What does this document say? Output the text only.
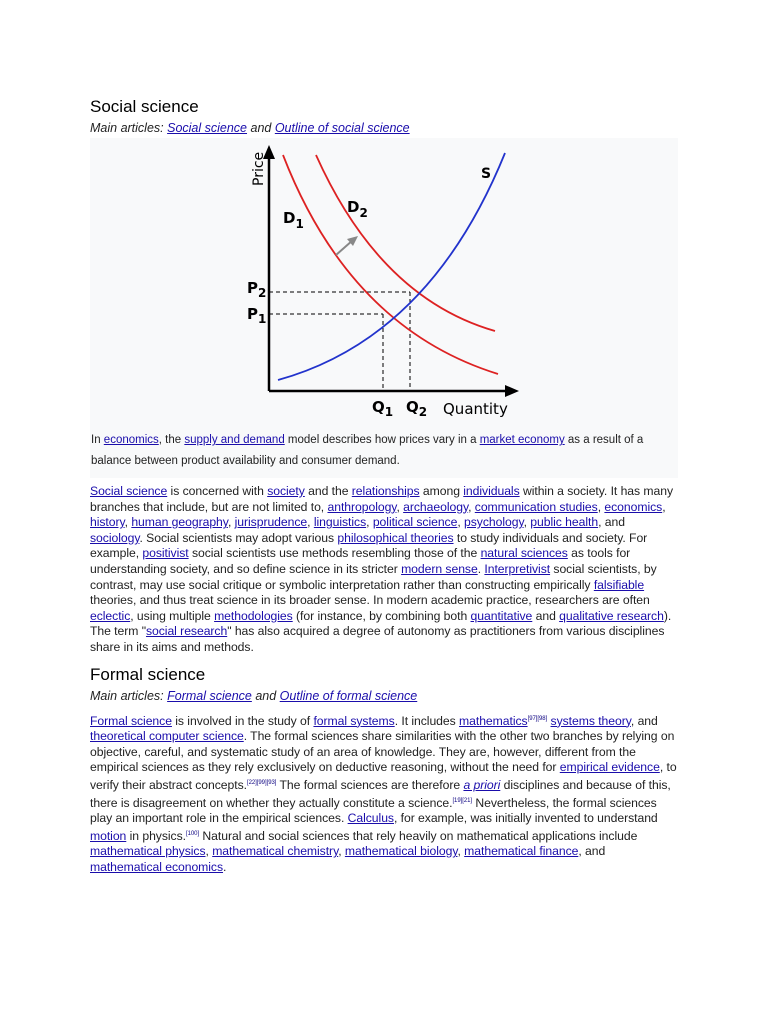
Social science
Main articles: Social science and Outline of social science
Price
Quantity
S
$D_1$
$D_2$
$P_2$
$P_1$
$Q_1$ $Q_2$
In economics, the supply and demand model describes how prices vary in a market economy as a result of a balance between product availability and consumer demand.

Social science is concerned with society and the relationships among individuals within a society. It has many branches that include, but are not limited to, anthropology, archaeology, communication studies, economics, history, human geography, jurisprudence, linguistics, political science, psychology, public health, and sociology. Social scientists may adopt various philosophical theories to study individuals and society. For example, positivist social scientists use methods resembling those of the natural sciences as tools for understanding society, and so define science in its stricter modern sense. Interpretivist social scientists, by contrast, may use social critique or symbolic interpretation rather than constructing empirically falsifiable theories, and thus treat science in its broader sense. In modern academic practice, researchers are often eclectic, using multiple methodologies (for instance, by combining both quantitative and qualitative research). The term "social research" has also acquired a degree of autonomy as practitioners from various disciplines share in its aims and methods.

Formal science
Main articles: Formal science and Outline of formal science

Formal science is involved in the study of formal systems. It includes mathematics[97][98] systems theory, and theoretical computer science. The formal sciences share similarities with the other two branches by relying on objective, careful, and systematic study of an area of knowledge. They are, however, different from the empirical sciences as they rely exclusively on deductive reasoning, without the need for empirical evidence, to verify their abstract concepts.[22][99][93] The formal sciences are therefore a priori disciplines and because of this, there is disagreement on whether they actually constitute a science.[19][21] Nevertheless, the formal sciences play an important role in the empirical sciences. Calculus, for example, was initially invented to understand motion in physics.[100] Natural and social sciences that rely heavily on mathematical applications include mathematical physics, mathematical chemistry, mathematical biology, mathematical finance, and mathematical economics.
